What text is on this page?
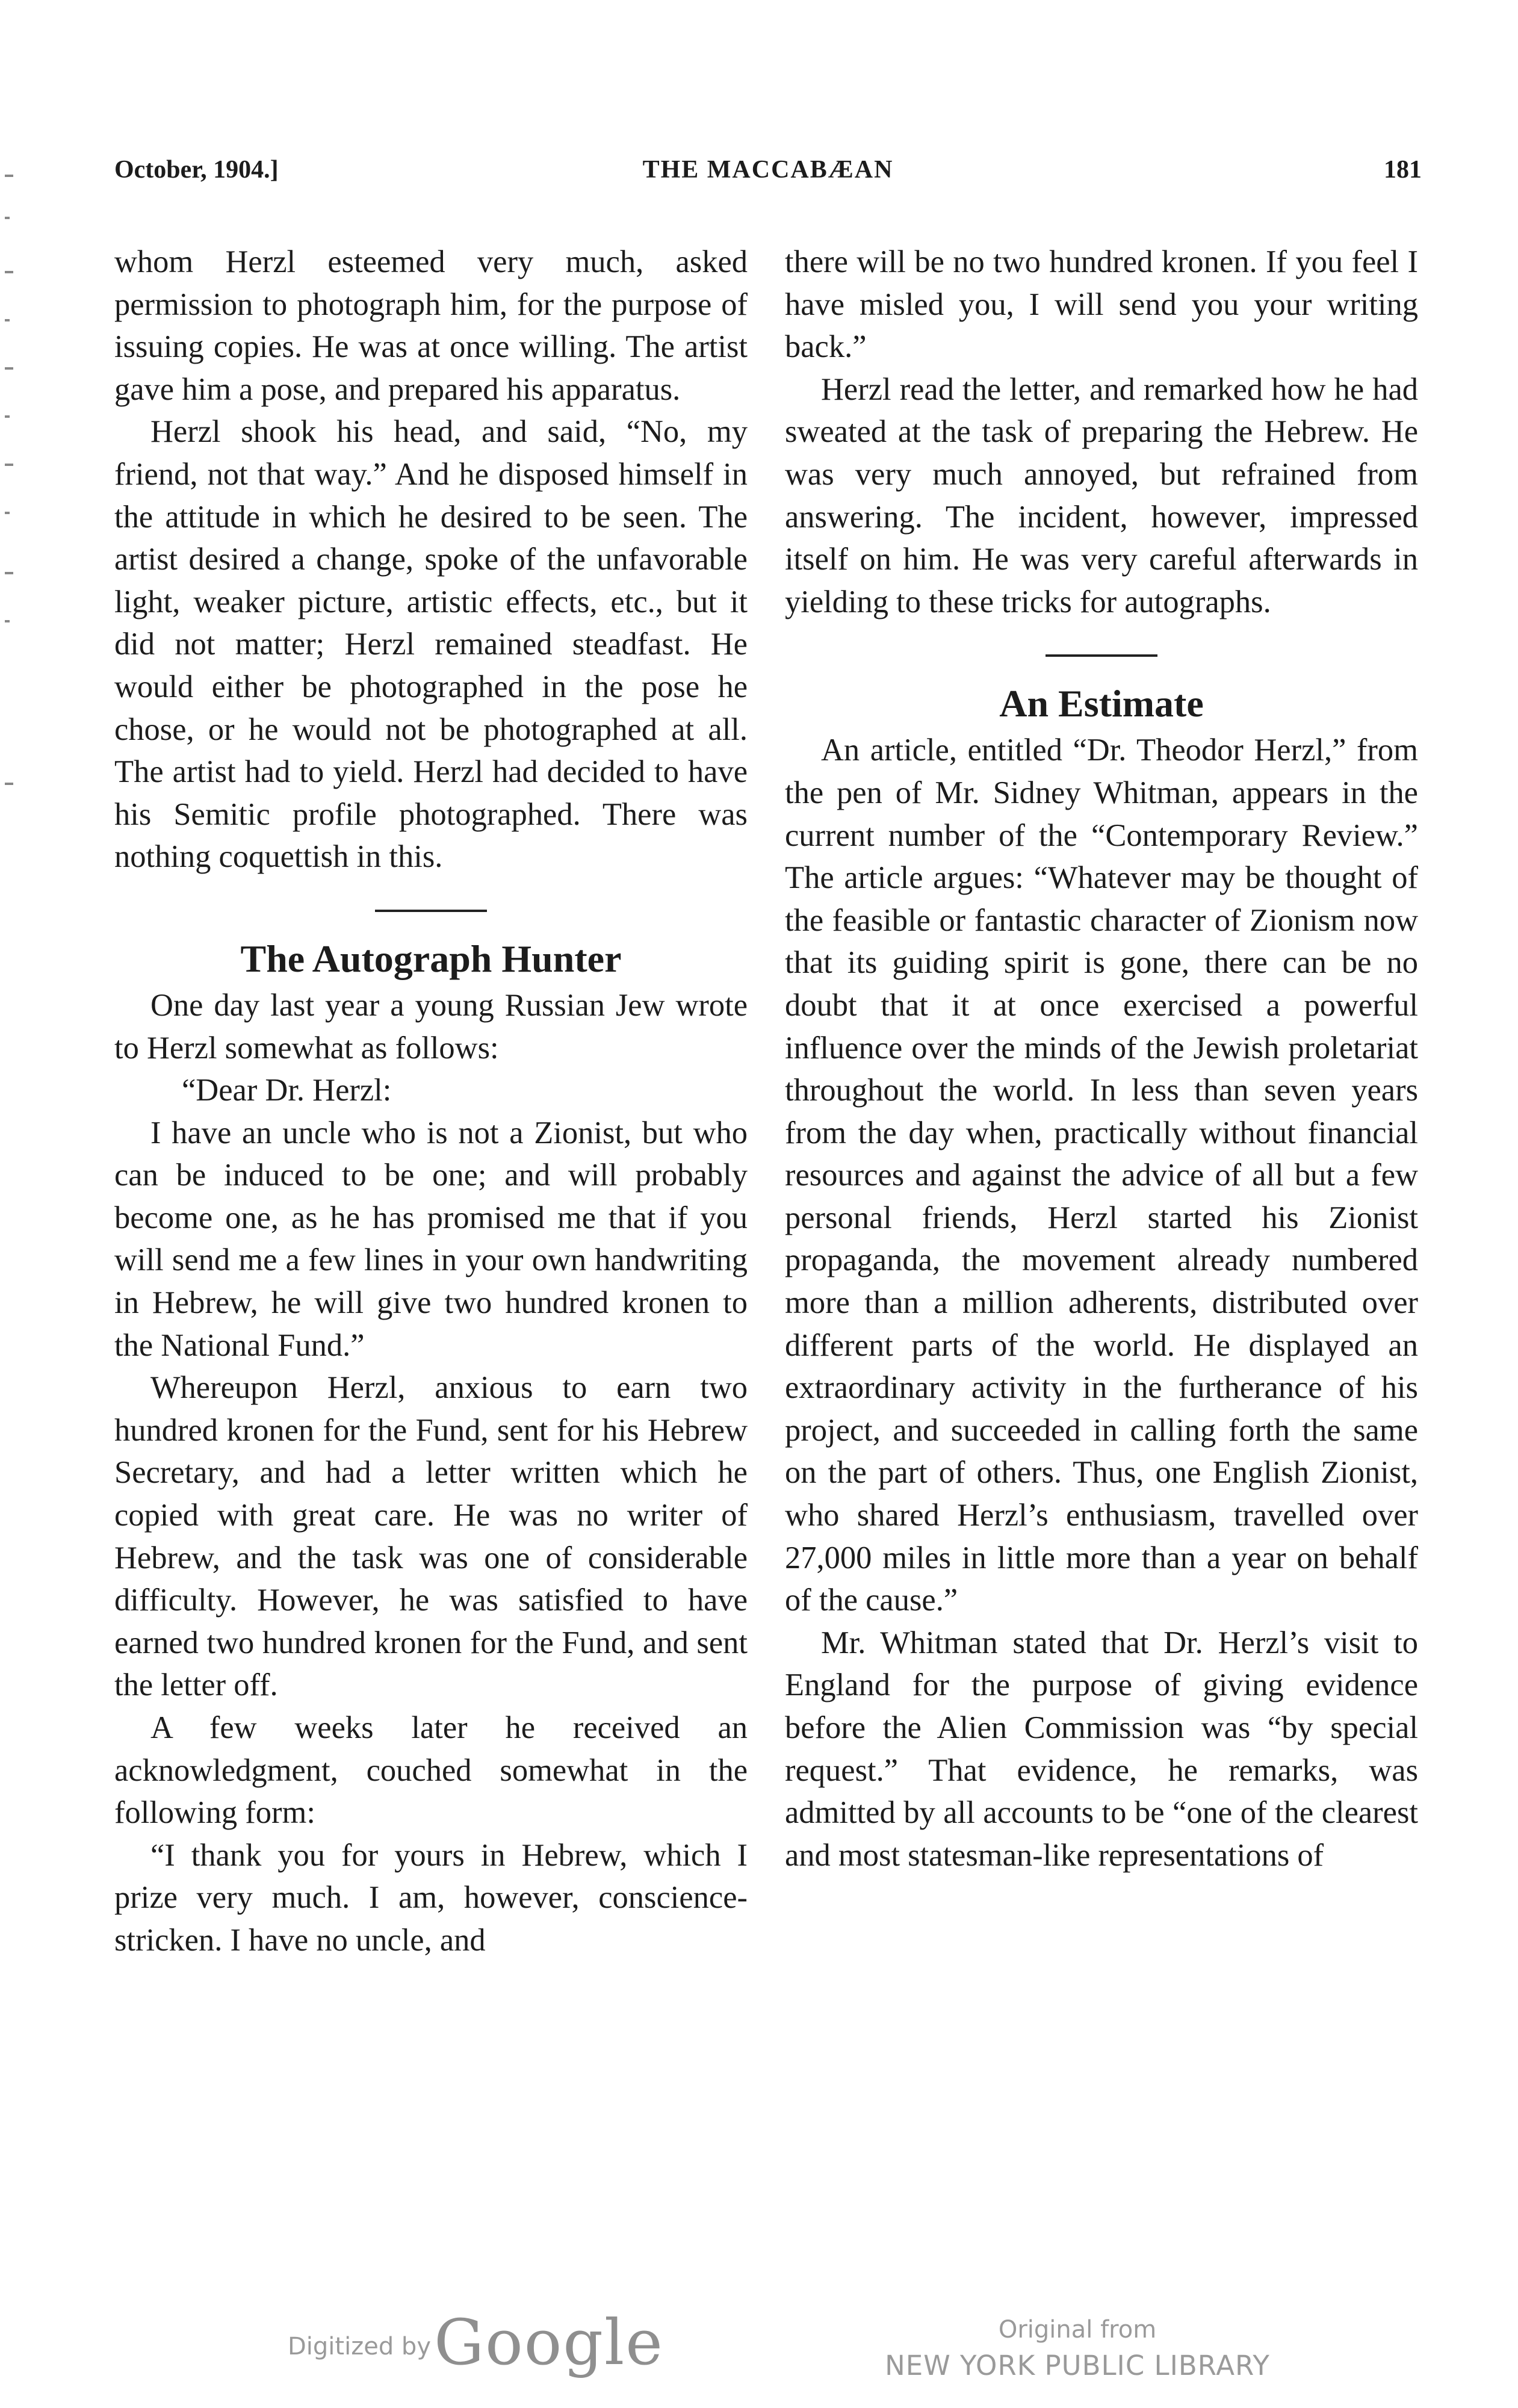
October, 1904.]	THE MACCABÆAN	181

whom Herzl esteemed very much, asked permission to photograph him, for the purpose of issuing copies. He was at once willing. The artist gave him a pose, and prepared his apparatus.

Herzl shook his head, and said, “No, my friend, not that way.” And he disposed himself in the attitude in which he desired to be seen. The artist desired a change, spoke of the unfavorable light, weaker picture, artistic effects, etc., but it did not matter; Herzl remained steadfast. He would either be photographed in the pose he chose, or he would not be photographed at all. The artist had to yield. Herzl had decided to have his Semitic profile photographed. There was nothing coquettish in this.

The Autograph Hunter

One day last year a young Russian Jew wrote to Herzl somewhat as follows:

“Dear Dr. Herzl:

I have an uncle who is not a Zionist, but who can be induced to be one; and will probably become one, as he has promised me that if you will send me a few lines in your own handwriting in Hebrew, he will give two hundred kronen to the National Fund.”

Whereupon Herzl, anxious to earn two hundred kronen for the Fund, sent for his Hebrew Secretary, and had a letter written which he copied with great care. He was no writer of Hebrew, and the task was one of considerable difficulty. However, he was satisfied to have earned two hundred kronen for the Fund, and sent the letter off.

A few weeks later he received an acknowledgment, couched somewhat in the following form:

“I thank you for yours in Hebrew, which I prize very much. I am, however, conscience-stricken. I have no uncle, and

there will be no two hundred kronen. If you feel I have misled you, I will send you your writing back.”

Herzl read the letter, and remarked how he had sweated at the task of preparing the Hebrew. He was very much annoyed, but refrained from answering. The incident, however, impressed itself on him. He was very careful afterwards in yielding to these tricks for autographs.

An Estimate

An article, entitled “Dr. Theodor Herzl,” from the pen of Mr. Sidney Whitman, appears in the current number of the “Contemporary Review.” The article argues: “Whatever may be thought of the feasible or fantastic character of Zionism now that its guiding spirit is gone, there can be no doubt that it at once exercised a powerful influence over the minds of the Jewish proletariat throughout the world. In less than seven years from the day when, practically without financial resources and against the advice of all but a few personal friends, Herzl started his Zionist propaganda, the movement already numbered more than a million adherents, distributed over different parts of the world. He displayed an extraordinary activity in the furtherance of his project, and succeeded in calling forth the same on the part of others. Thus, one English Zionist, who shared Herzl’s enthusiasm, travelled over 27,000 miles in little more than a year on behalf of the cause.”

Mr. Whitman stated that Dr. Herzl’s visit to England for the purpose of giving evidence before the Alien Commission was “by special request.” That evidence, he remarks, was admitted by all accounts to be “one of the clearest and most statesman-like representations of

Digitized by Google	Original from
NEW YORK PUBLIC LIBRARY
